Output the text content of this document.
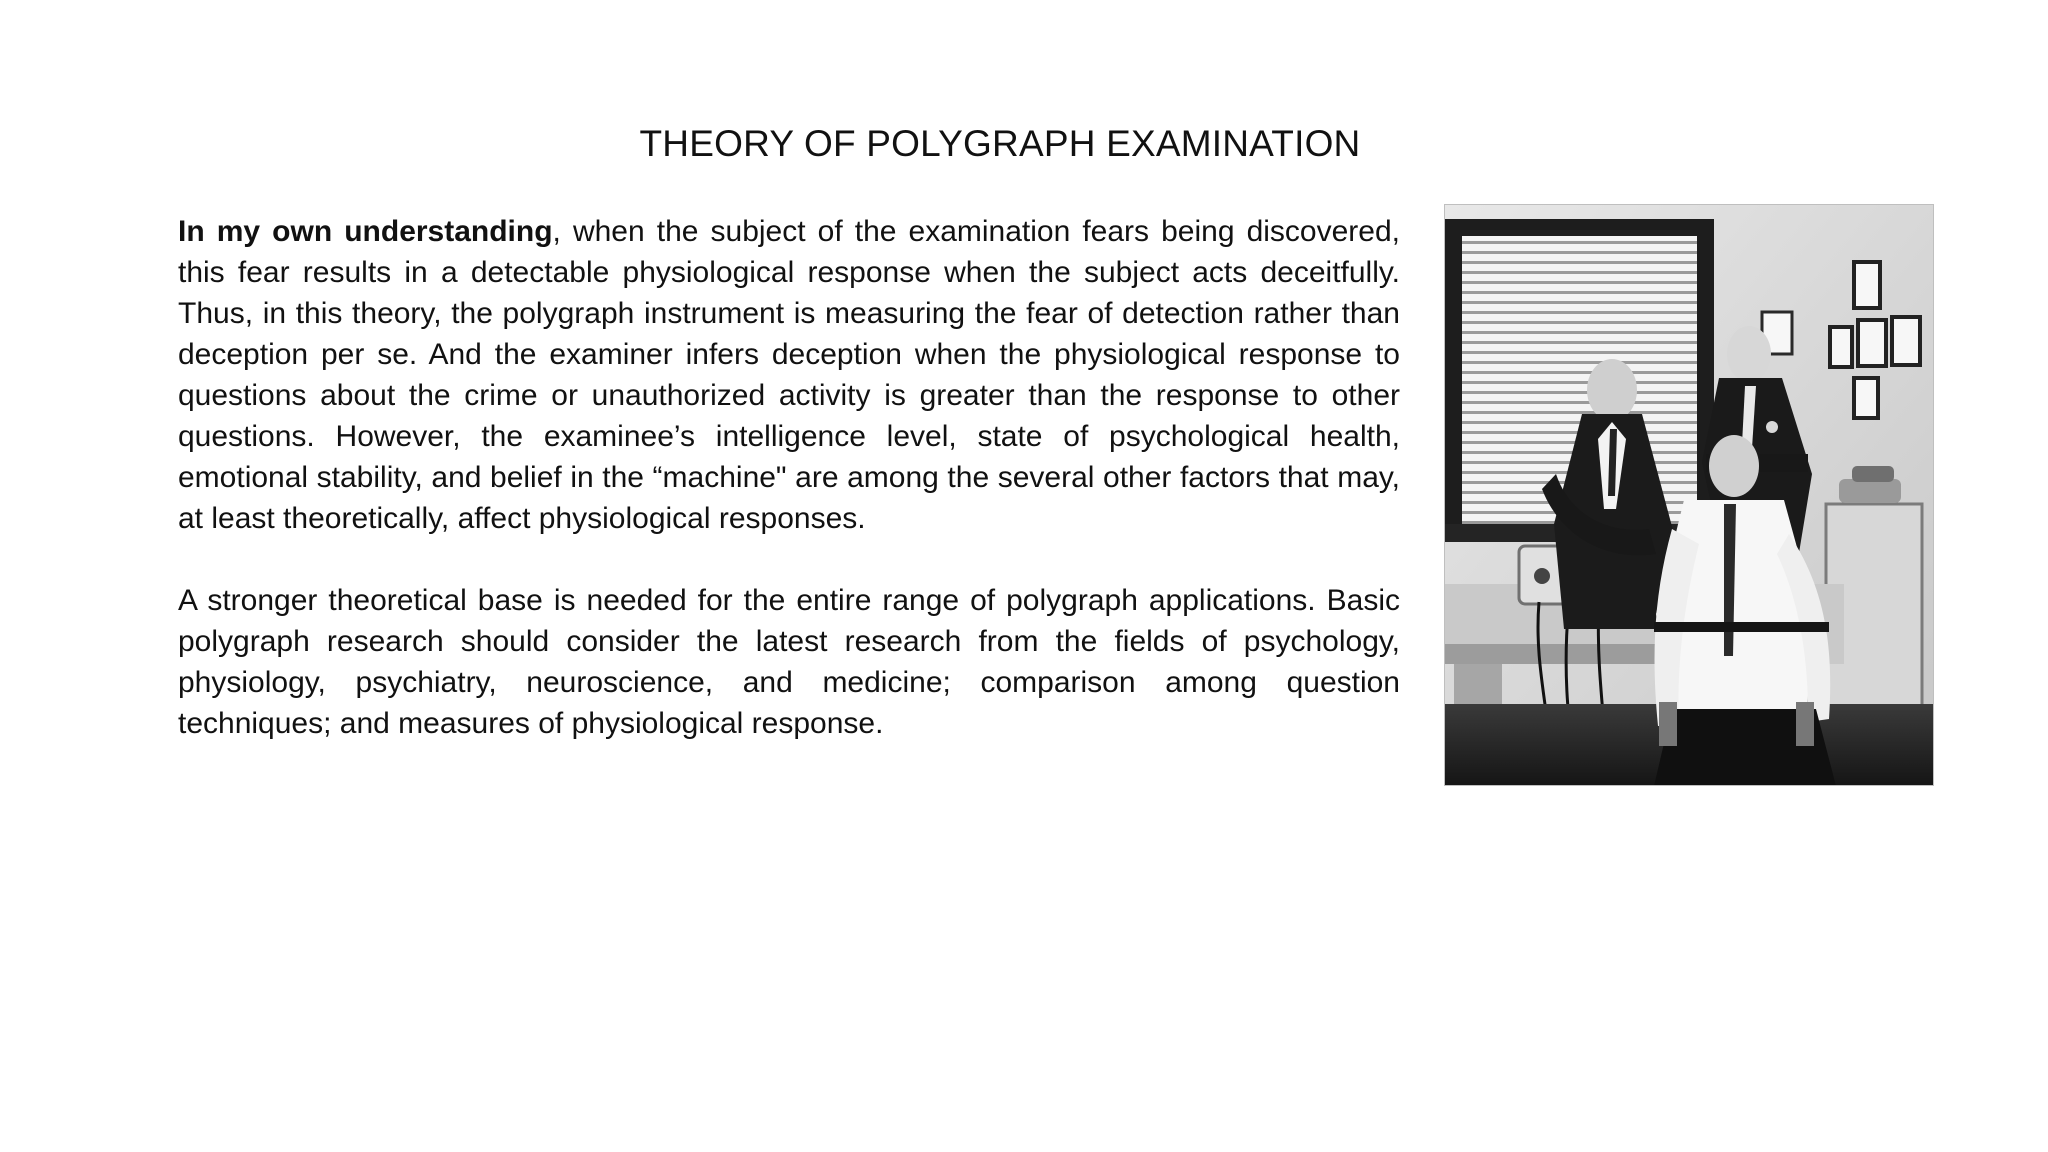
THEORY OF POLYGRAPH EXAMINATION

In my own understanding, when the subject of the examination fears being discovered, this fear results in a detectable physiological response when the subject acts deceitfully. Thus, in this theory, the polygraph instrument is measuring the fear of detection rather than deception per se. And the examiner infers deception when the physiological response to questions about the crime or unauthorized activity is greater than the response to other questions. However, the examinee’s intelligence level, state of psychological health, emotional stability, and belief in the “machine" are among the several other factors that may, at least theoretically, affect physiological responses.

A stronger theoretical base is needed for the entire range of polygraph applications. Basic polygraph research should consider the latest research from the fields of psychology, physiology, psychiatry, neuroscience, and medicine; comparison among question techniques; and measures of physiological response.
